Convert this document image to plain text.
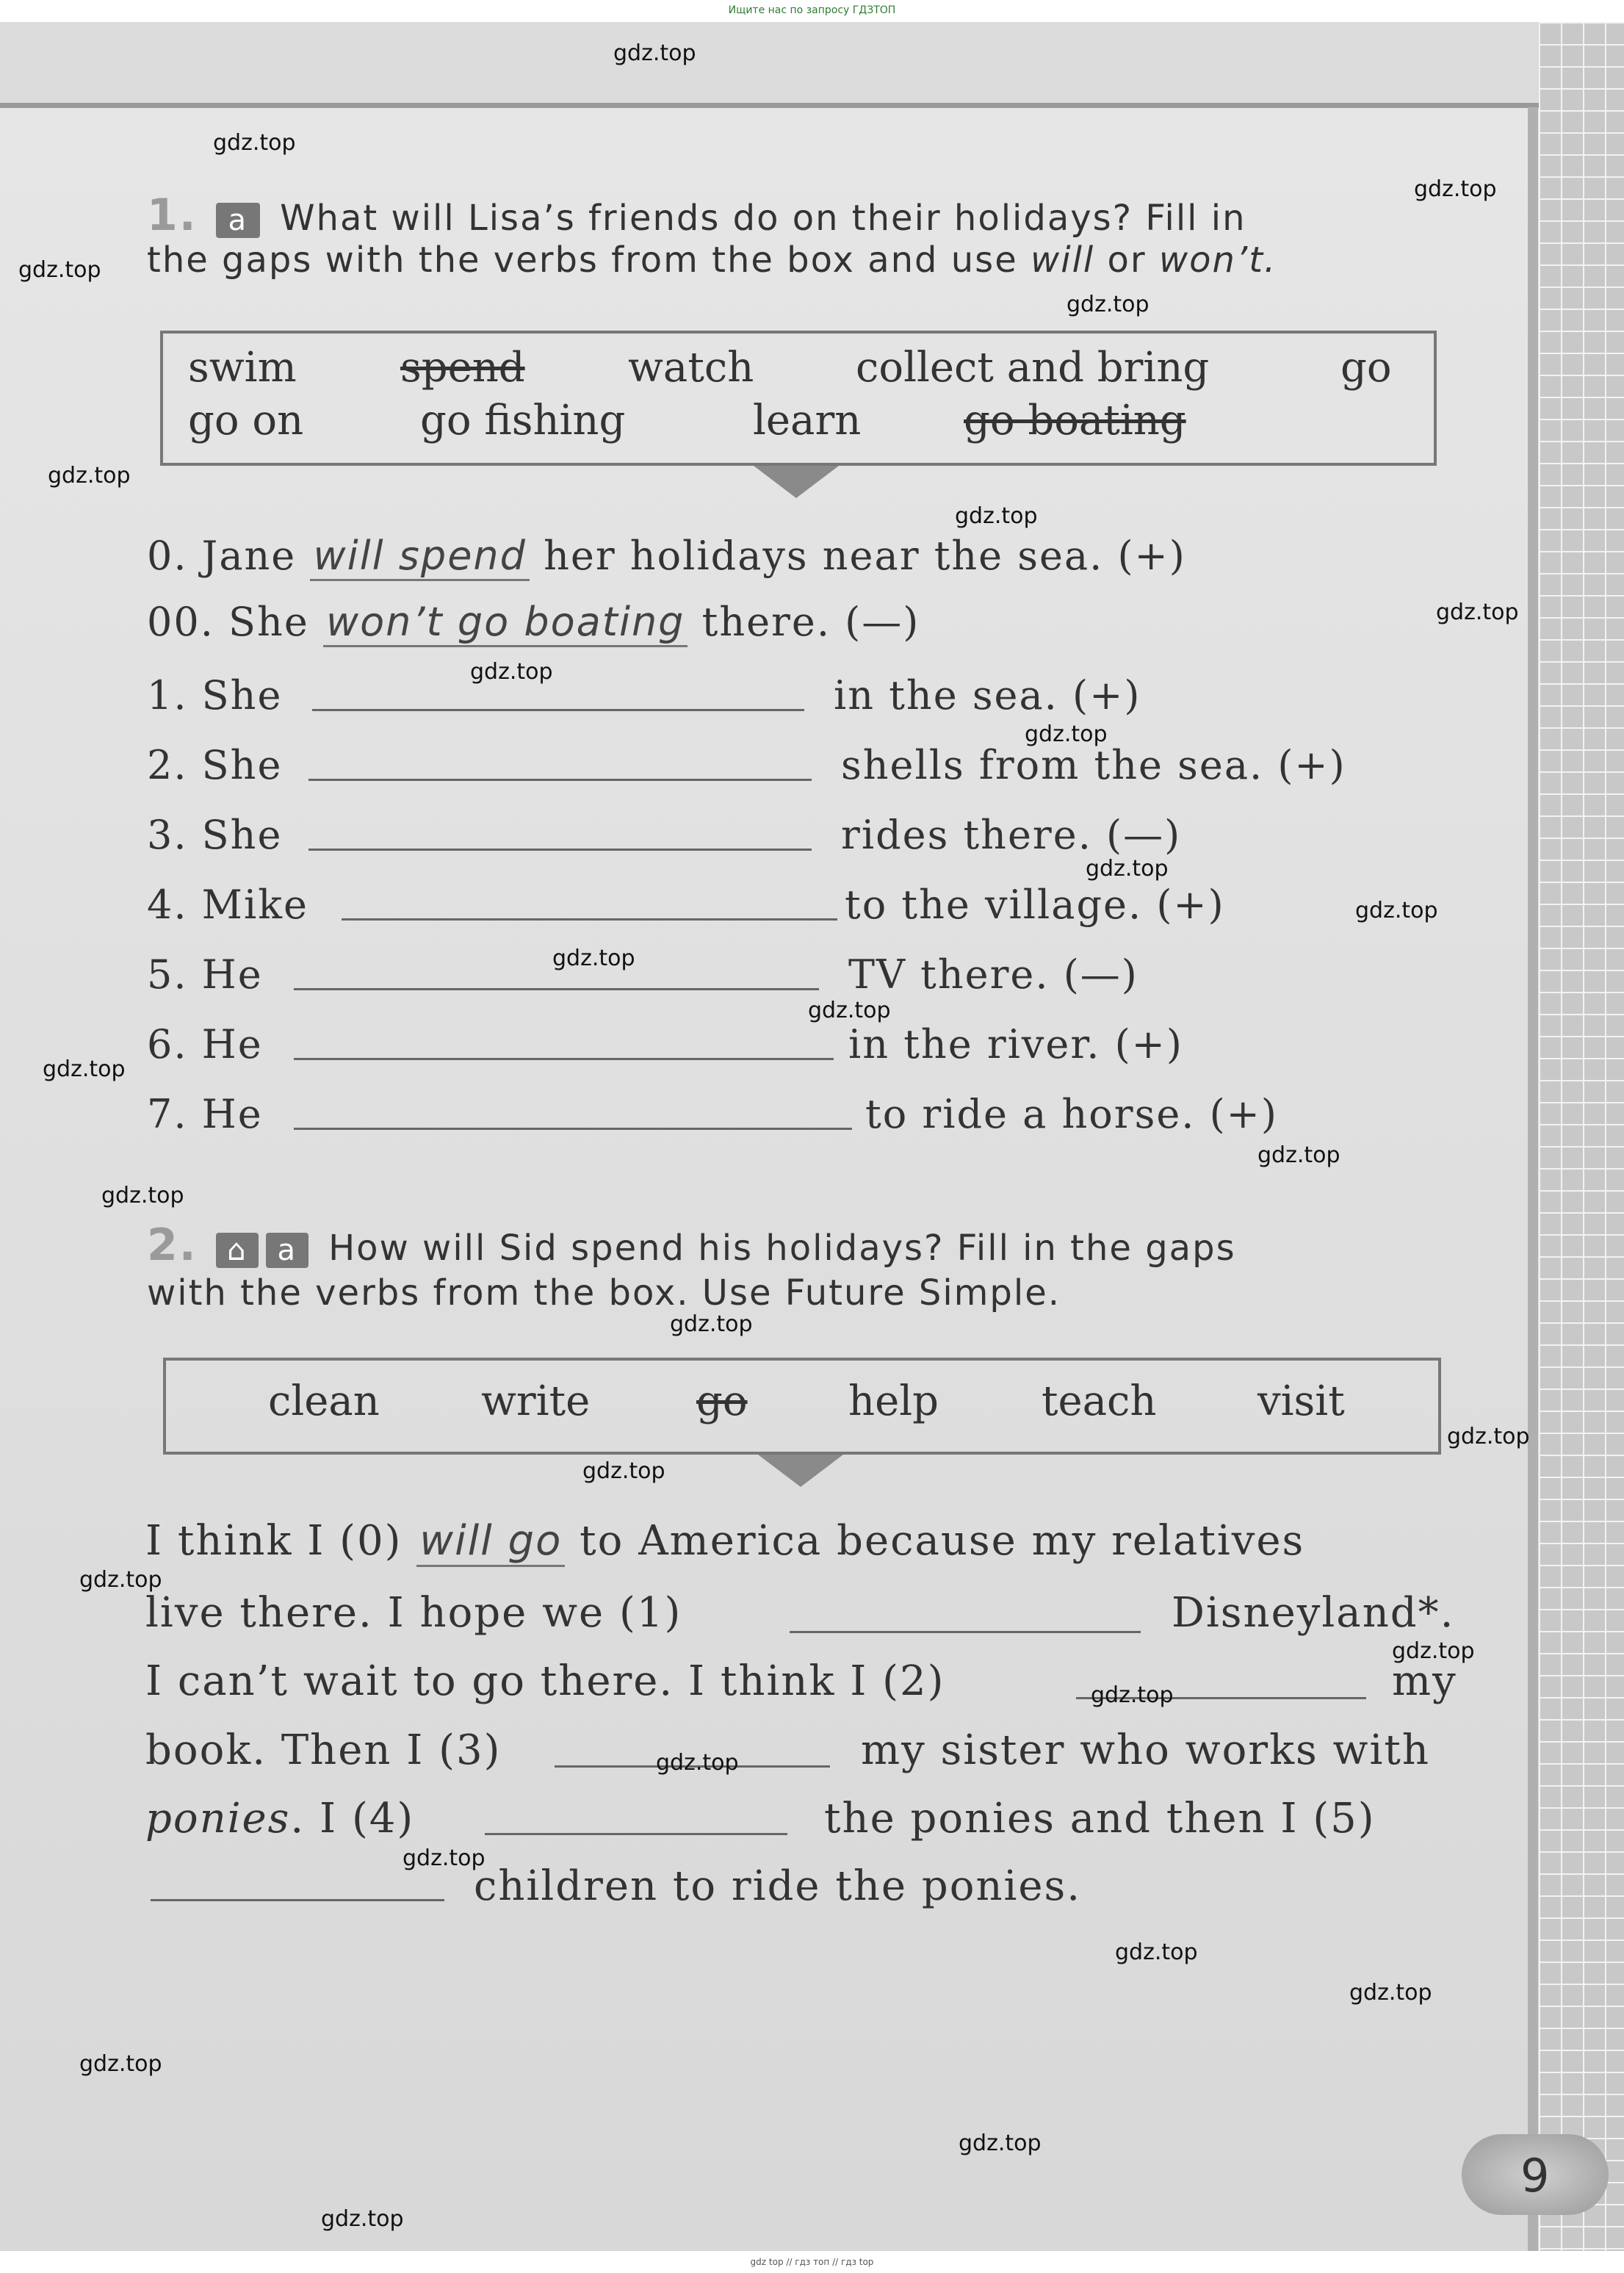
Ищите нас по запросу ГДЗТОП
1. a What will Lisa’s friends do on their holidays? Fill in
the gaps with the verbs from the box and use will or won’t.
swim	spend	watch collect and bring	go
go on	go fishing	learn go boating
0. Jane will spend her holidays near the sea. (+)
00. She won’t go boating there. (—)
1. She	in the sea. (+)
2. She	shells from the sea. (+)
3. She	rides there. (—)
4. Mike	to the village. (+)
5. He	TV there. (—)
6. He	in the river. (+)
7. He	to ride a horse. (+)
2. ⌂ a How will Sid spend his holidays? Fill in the gaps
with the verbs from the box. Use Future Simple.
clean write	go help	teach visit
I think I (0) will go to America because my relatives
live there. I hope we (1)	Disneyland*.
I can’t wait to go there. I think I (2)	my
book. Then I (3)	my sister who works with
ponies. I (4)	the ponies and then I (5)
children to ride the ponies.
9
gdz.top
gdz.top
gdz.top
gdz.top
gdz.top
gdz.top
gdz.top
gdz.top
gdz.top
gdz.top
gdz.top
gdz.top
gdz.top
gdz.top
gdz.top
gdz.top
gdz.top
gdz.top
gdz.top
gdz.top
gdz.top
gdz.top
gdz.top
gdz.top
gdz.top
gdz.top
gdz.top
gdz.top
gdz.top
gdz.top
gdz top // гдз топ // гдз top
